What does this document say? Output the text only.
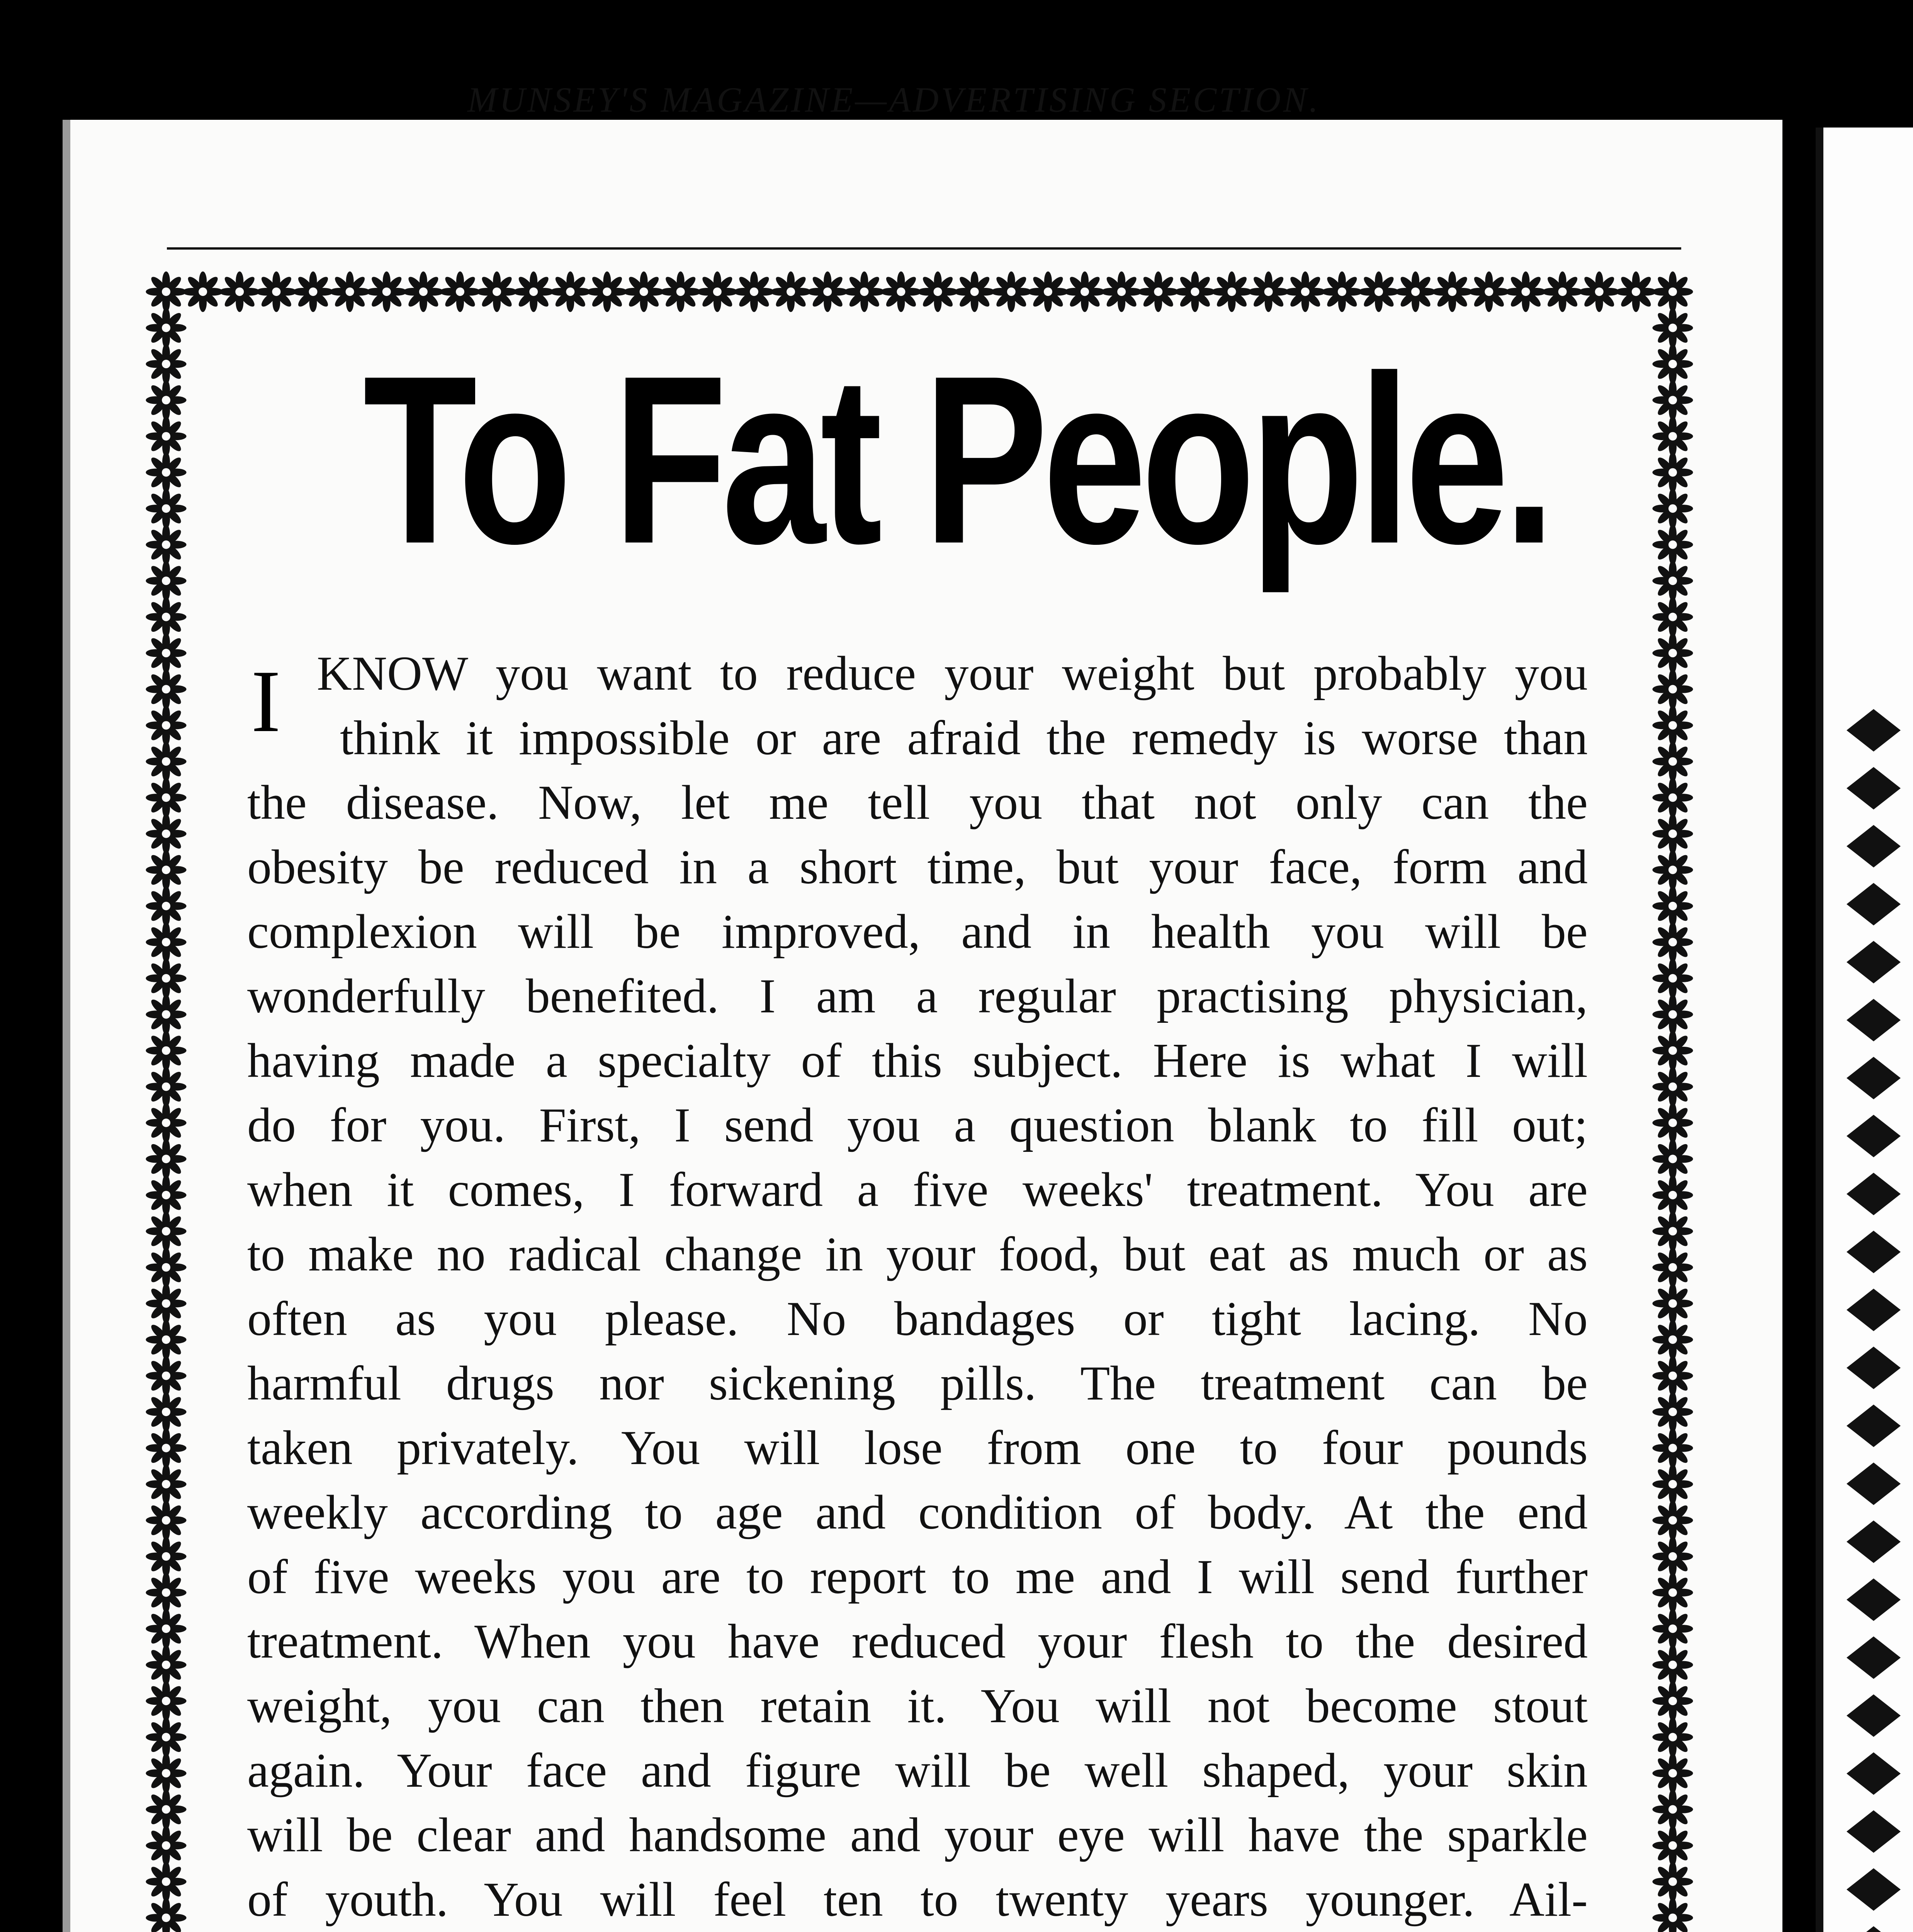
MUNSEY'S MAGAZINE—ADVERTISING SECTION.
To Fat People.
I KNOW you want to reduce your weight but probably you

think it impossible or are afraid the remedy is worse than
the disease. Now, let me tell you that not only can the
obesity be reduced in a short time, but your face, form and
complexion will be improved, and in health you will be
wonderfully benefited. I am a regular practising physician,
having made a specialty of this subject. Here is what I will
do for you. First, I send you a question blank to fill out;
when it comes, I forward a five weeks' treatment. You are
to make no radical change in your food, but eat as much or as
often as you please. No bandages or tight lacing. No
harmful drugs nor sickening pills. The treatment can be
taken privately. You will lose from one to four pounds
weekly according to age and condition of body. At the end
of five weeks you are to report to me and I will send further
treatment. When you have reduced your flesh to the desired
weight, you can then retain it. You will not become stout
again. Your face and figure will be well shaped, your skin
will be clear and handsome and your eye will have the sparkle
of youth. You will feel ten to twenty years younger. Ail-
